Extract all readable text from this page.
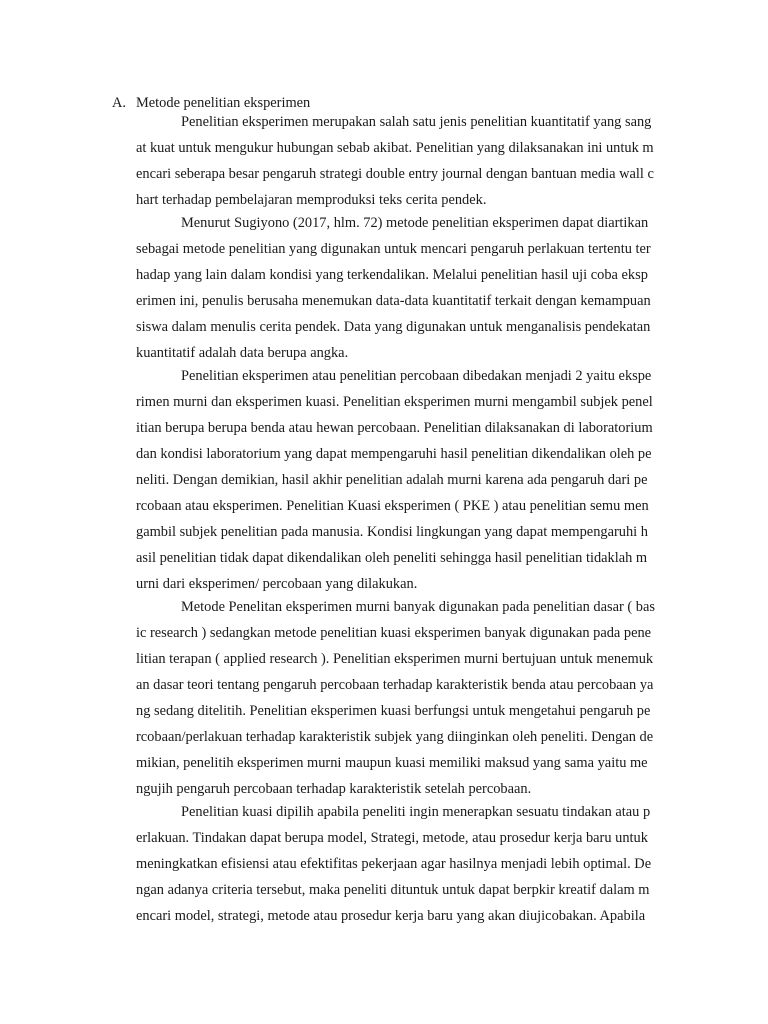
A. Metode penelitian eksperimen
Penelitian eksperimen merupakan salah satu jenis penelitian kuantitatif yang sang
at kuat untuk mengukur hubungan sebab akibat. Penelitian yang dilaksanakan ini untuk m
encari seberapa besar pengaruh strategi double entry journal dengan bantuan media wall c
hart terhadap pembelajaran memproduksi teks cerita pendek.
Menurut Sugiyono (2017, hlm. 72) metode penelitian eksperimen dapat diartikan
sebagai metode penelitian yang digunakan untuk mencari pengaruh perlakuan tertentu ter
hadap yang lain dalam kondisi yang terkendalikan. Melalui penelitian hasil uji coba eksp
erimen ini, penulis berusaha menemukan data-data kuantitatif terkait dengan kemampuan
siswa dalam menulis cerita pendek. Data yang digunakan untuk menganalisis pendekatan
kuantitatif adalah data berupa angka.
Penelitian eksperimen atau penelitian percobaan dibedakan menjadi 2 yaitu ekspe
rimen murni dan eksperimen kuasi. Penelitian eksperimen murni mengambil subjek penel
itian berupa berupa benda atau hewan percobaan. Penelitian dilaksanakan di laboratorium
dan kondisi laboratorium yang dapat mempengaruhi hasil penelitian dikendalikan oleh pe
neliti. Dengan demikian, hasil akhir penelitian adalah murni karena ada pengaruh dari pe
rcobaan atau eksperimen. Penelitian Kuasi eksperimen ( PKE ) atau penelitian semu men
gambil subjek penelitian pada manusia. Kondisi lingkungan yang dapat mempengaruhi h
asil penelitian tidak dapat dikendalikan oleh peneliti sehingga hasil penelitian tidaklah m
urni dari eksperimen/ percobaan yang dilakukan.
Metode Penelitan eksperimen murni banyak digunakan pada penelitian dasar ( bas
ic research ) sedangkan metode penelitian kuasi eksperimen banyak digunakan pada pene
litian terapan ( applied research ). Penelitian eksperimen murni bertujuan untuk menemuk
an dasar teori tentang pengaruh percobaan terhadap karakteristik benda atau percobaan ya
ng sedang ditelitih. Penelitian eksperimen kuasi berfungsi untuk mengetahui pengaruh pe
rcobaan/perlakuan terhadap karakteristik subjek yang diinginkan oleh peneliti. Dengan de
mikian, penelitih eksperimen murni maupun kuasi memiliki maksud yang sama yaitu me
ngujih pengaruh percobaan terhadap karakteristik setelah percobaan.
Penelitian kuasi dipilih apabila peneliti ingin menerapkan sesuatu tindakan atau p
erlakuan. Tindakan dapat berupa model, Strategi, metode, atau prosedur kerja baru untuk
meningkatkan efisiensi atau efektifitas pekerjaan agar hasilnya menjadi lebih optimal. De
ngan adanya criteria tersebut, maka peneliti dituntuk untuk dapat berpkir kreatif dalam m
encari model, strategi, metode atau prosedur kerja baru yang akan diujicobakan. Apabila
